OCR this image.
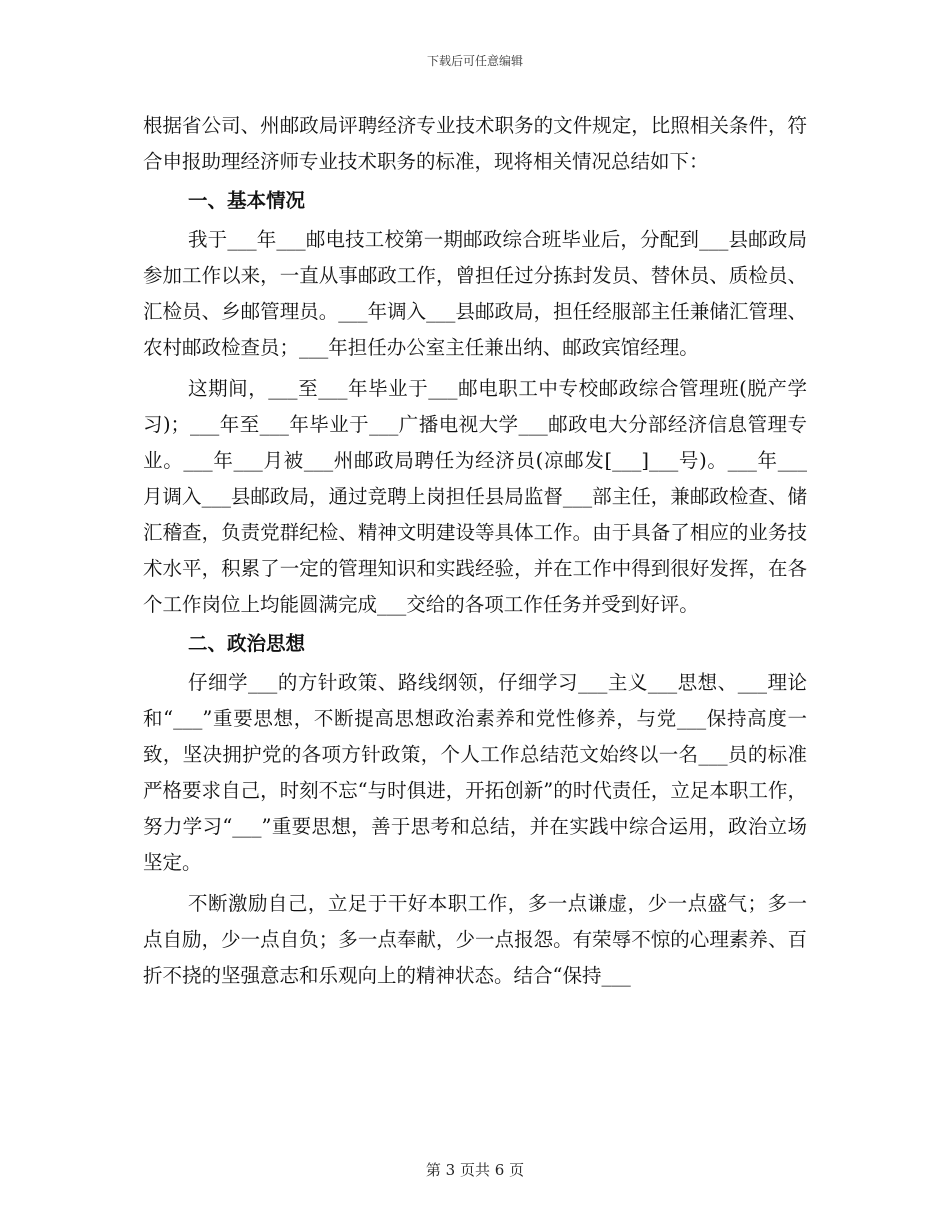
下载后可任意编辑

根据省公司、州邮政局评聘经济专业技术职务的文件规定，比照相关条件，符合申报助理经济师专业技术职务的标准，现将相关情况总结如下：

一、基本情况

我于___年___邮电技工校第一期邮政综合班毕业后，分配到___县邮政局参加工作以来，一直从事邮政工作，曾担任过分拣封发员、替休员、质检员、汇检员、乡邮管理员。___年调入___县邮政局，担任经服部主任兼储汇管理、农村邮政检查员；___年担任办公室主任兼出纳、邮政宾馆经理。

这期间，___至___年毕业于___邮电职工中专校邮政综合管理班(脱产学习)；___年至___年毕业于___广播电视大学___邮政电大分部经济信息管理专业。___年___月被___州邮政局聘任为经济员(凉邮发[___]___号)。___年___月调入___县邮政局，通过竞聘上岗担任县局监督___部主任，兼邮政检查、储汇稽查，负责党群纪检、精神文明建设等具体工作。由于具备了相应的业务技术水平，积累了一定的管理知识和实践经验，并在工作中得到很好发挥，在各个工作岗位上均能圆满完成___交给的各项工作任务并受到好评。

二、政治思想

仔细学___的方针政策、路线纲领，仔细学习___主义___思想、___理论和“___”重要思想，不断提高思想政治素养和党性修养，与党___保持高度一致，坚决拥护党的各项方针政策，个人工作总结范文始终以一名___员的标准严格要求自己，时刻不忘“与时俱进，开拓创新”的时代责任，立足本职工作，努力学习“___”重要思想，善于思考和总结，并在实践中综合运用，政治立场坚定。

不断激励自己，立足于干好本职工作，多一点谦虚，少一点盛气；多一点自励，少一点自负；多一点奉献，少一点报怨。有荣辱不惊的心理素养、百折不挠的坚强意志和乐观向上的精神状态。结合“保持___

第 3 页共 6 页
